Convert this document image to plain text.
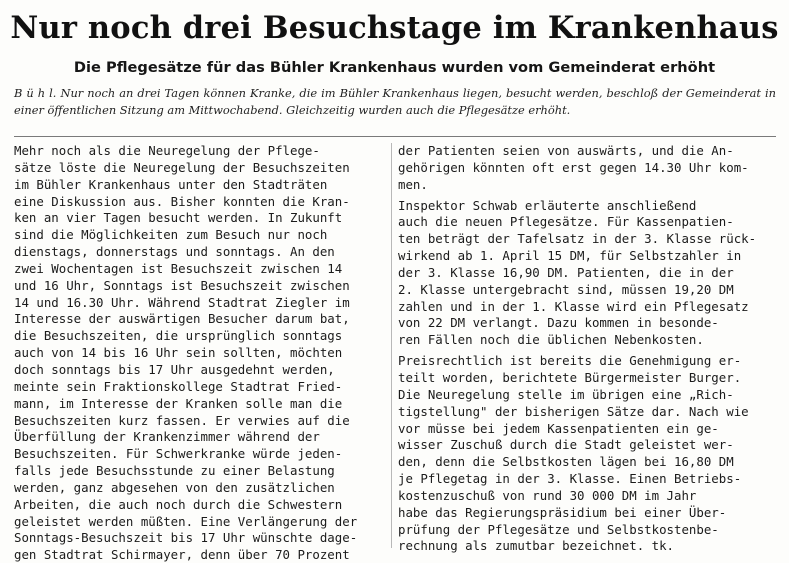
Nur noch drei Besuchstage im Krankenhaus
Die Pflegesätze für das Bühler Krankenhaus wurden vom Gemeinderat erhöht
B ü h l. Nur noch an drei Tagen können Kranke, die im Bühler Krankenhaus liegen, besucht werden, beschloß der Gemeinderat in einer öffentlichen Sitzung am Mittwochabend. Gleichzeitig wurden auch die Pflegesätze erhöht.
Mehr noch als die Neuregelung der Pflege-
sätze löste die Neuregelung der Besuchszeiten
im Bühler Krankenhaus unter den Stadträten
eine Diskussion aus. Bisher konnten die Kran-
ken an vier Tagen besucht werden. In Zukunft
sind die Möglichkeiten zum Besuch nur noch
dienstags, donnerstags und sonntags. An den
zwei Wochentagen ist Besuchszeit zwischen 14
und 16 Uhr, Sonntags ist Besuchszeit zwischen
14 und 16.30 Uhr. Während Stadtrat Ziegler im
Interesse der auswärtigen Besucher darum bat,
die Besuchszeiten, die ursprünglich sonntags
auch von 14 bis 16 Uhr sein sollten, möchten
doch sonntags bis 17 Uhr ausgedehnt werden,
meinte sein Fraktionskollege Stadtrat Fried-
mann, im Interesse der Kranken solle man die
Besuchszeiten kurz fassen. Er verwies auf die
Überfüllung der Krankenzimmer während der
Besuchszeiten. Für Schwerkranke würde jeden-
falls jede Besuchsstunde zu einer Belastung
werden, ganz abgesehen von den zusätzlichen
Arbeiten, die auch noch durch die Schwestern
geleistet werden müßten. Eine Verlängerung der
Sonntags-Besuchszeit bis 17 Uhr wünschte dage-
gen Stadtrat Schirmayer, denn über 70 Prozent
der Patienten seien von auswärts, und die An-
gehörigen könnten oft erst gegen 14.30 Uhr kom-
men.
Inspektor Schwab erläuterte anschließend
auch die neuen Pflegesätze. Für Kassenpatien-
ten beträgt der Tafelsatz in der 3. Klasse rück-
wirkend ab 1. April 15 DM, für Selbstzahler in
der 3. Klasse 16,90 DM. Patienten, die in der
2. Klasse untergebracht sind, müssen 19,20 DM
zahlen und in der 1. Klasse wird ein Pflegesatz
von 22 DM verlangt. Dazu kommen in besonde-
ren Fällen noch die üblichen Nebenkosten.
Preisrechtlich ist bereits die Genehmigung er-
teilt worden, berichtete Bürgermeister Burger.
Die Neuregelung stelle im übrigen eine „Rich-
tigstellung" der bisherigen Sätze dar. Nach wie
vor müsse bei jedem Kassenpatienten ein ge-
wisser Zuschuß durch die Stadt geleistet wer-
den, denn die Selbstkosten lägen bei 16,80 DM
je Pflegetag in der 3. Klasse. Einen Betriebs-
kostenzuschuß von rund 30 000 DM im Jahr
habe das Regierungspräsidium bei einer Über-
prüfung der Pflegesätze und Selbstkostenbe-
rechnung als zumutbar bezeichnet. tk.
